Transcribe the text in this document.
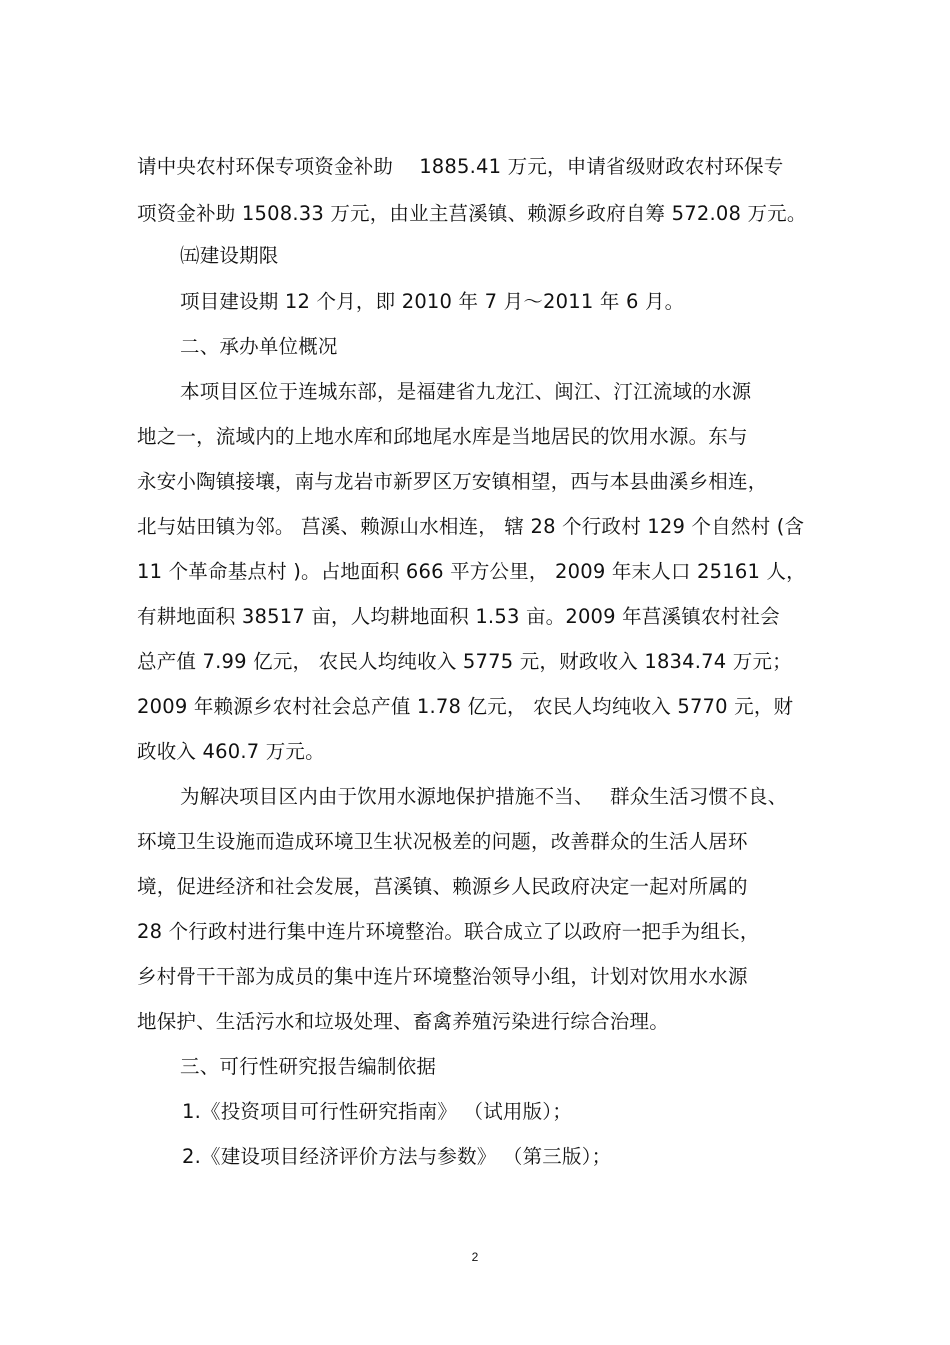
请中央农村环保专项资金补助　 1885.41 万元，申请省级财政农村环保专
项资金补助 1508.33 万元，由业主莒溪镇、赖源乡政府自筹 572.08 万元。
㈤建设期限
项目建设期 12 个月，即 2010 年 7 月～2011 年 6 月。
二、承办单位概况
本项目区位于连城东部，是福建省九龙江、闽江、汀江流域的水源
地之一，流域内的上地水库和邱地尾水库是当地居民的饮用水源。东与
永安小陶镇接壤，南与龙岩市新罗区万安镇相望，西与本县曲溪乡相连，
北与姑田镇为邻。 莒溪、赖源山水相连， 辖 28 个行政村 129 个自然村 (含
11 个革命基点村 )。占地面积 666 平方公里， 2009 年末人口 25161 人，
有耕地面积 38517 亩，人均耕地面积 1.53 亩。2009 年莒溪镇农村社会
总产值 7.99 亿元， 农民人均纯收入 5775 元，财政收入 1834.74 万元；
2009 年赖源乡农村社会总产值 1.78 亿元， 农民人均纯收入 5770 元，财
政收入 460.7 万元。
为解决项目区内由于饮用水源地保护措施不当、　 群众生活习惯不良、
环境卫生设施而造成环境卫生状况极差的问题，改善群众的生活人居环
境，促进经济和社会发展，莒溪镇、赖源乡人民政府决定一起对所属的
28 个行政村进行集中连片环境整治。联合成立了以政府一把手为组长，
乡村骨干干部为成员的集中连片环境整治领导小组，计划对饮用水水源
地保护、生活污水和垃圾处理、畜禽养殖污染进行综合治理。
三、可行性研究报告编制依据
1.《投资项目可行性研究指南》 （试用版）；
2.《建设项目经济评价方法与参数》 （第三版）；
2
